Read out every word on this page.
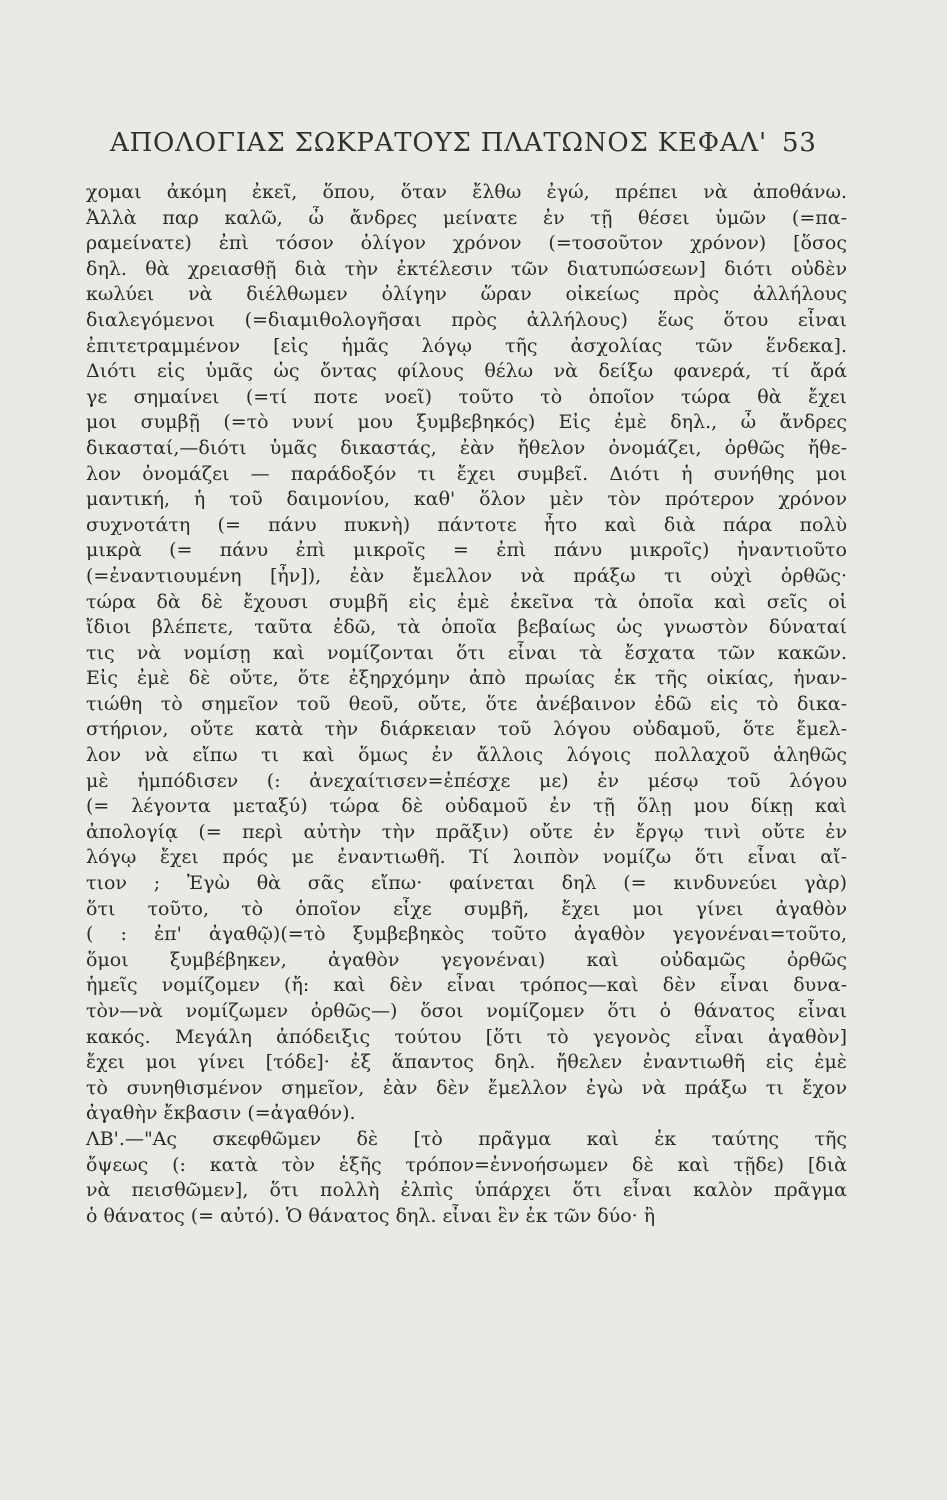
ΑΠΟΛΟΓΙΑΣ ΣΩΚΡΑΤΟΥΣ ΠΛΑΤΩΝΟΣ ΚΕΦΑΛ' 53
χομαι ἀκόμη ἐκεῖ, ὅπου, ὅταν ἔλθω ἐγώ, πρέπει νὰ ἀποθάνω.
Ἀλλὰ παρ καλῶ, ὦ ἄνδρες μείνατε ἐν τῇ θέσει ὑμῶν (=πα-
ραμείνατε) ἐπὶ τόσον ὀλίγον χρόνον (=τοσοῦτον χρόνον) [ὅσος
δηλ. θὰ χρειασθῇ διὰ τὴν ἐκτέλεσιν τῶν διατυπώσεων] διότι οὐδὲν
κωλύει νὰ διέλθωμεν ὀλίγην ὥραν οἰκείως πρὸς ἀλλήλους
διαλεγόμενοι (=διαμιθολογῆσαι πρὸς ἀλλήλους) ἕως ὅτου εἶναι
ἐπιτετραμμένον [εἰς ἡμᾶς λόγῳ τῆς ἀσχολίας τῶν ἕνδεκα].
Διότι εἰς ὑμᾶς ὡς ὄντας φίλους θέλω νὰ δείξω φανερά, τί ἄρά
γε σημαίνει (=τί ποτε νοεῖ) τοῦτο τὸ ὁποῖον τώρα θὰ ἔχει
μοι συμβῇ (=τὸ νυνί μου ξυμβεβηκός) Εἰς ἐμὲ δηλ., ὦ ἄνδρες
δικασταί,—διότι ὑμᾶς δικαστάς, ἐὰν ἤθελον ὀνομάζει, ὀρθῶς ἤθε-
λον ὀνομάζει — παράδοξόν τι ἔχει συμβεῖ. Διότι ἡ συνήθης μοι
μαντική, ἡ τοῦ δαιμονίου, καθ' ὅλον μὲν τὸν πρότερον χρόνον
συχνοτάτη (= πάνυ πυκνὴ) πάντοτε ἦτο καὶ διὰ πάρα πολὺ
μικρὰ (= πάνυ ἐπὶ μικροῖς = ἐπὶ πάνυ μικροῖς) ἠναντιοῦτο
(=ἐναντιουμένη [ἦν]), ἐὰν ἔμελλον νὰ πράξω τι οὐχὶ ὀρθῶς·
τώρα δὰ δὲ ἔχουσι συμβῆ εἰς ἐμὲ ἐκεῖνα τὰ ὁποῖα καὶ σεῖς οἱ
ἴδιοι βλέπετε, ταῦτα ἐδῶ, τὰ ὁποῖα βεβαίως ὡς γνωστὸν δύναταί
τις νὰ νομίσῃ καὶ νομίζονται ὅτι εἶναι τὰ ἔσχατα τῶν κακῶν.
Εἰς ἐμὲ δὲ οὔτε, ὅτε ἐξηρχόμην ἀπὸ πρωίας ἐκ τῆς οἰκίας, ἠναν-
τιώθη τὸ σημεῖον τοῦ θεοῦ, οὔτε, ὅτε ἀνέβαινον ἐδῶ εἰς τὸ δικα-
στήριον, οὔτε κατὰ τὴν διάρκειαν τοῦ λόγου οὐδαμοῦ, ὅτε ἔμελ-
λον νὰ εἴπω τι καὶ ὅμως ἐν ἄλλοις λόγοις πολλαχοῦ ἀληθῶς
μὲ ἠμπόδισεν (: ἀνεχαίτισεν=ἐπέσχε με) ἐν μέσῳ τοῦ λόγου
(= λέγοντα μεταξύ) τώρα δὲ οὐδαμοῦ ἐν τῇ ὅλῃ μου δίκῃ καὶ
ἀπολογίᾳ (= περὶ αὐτὴν τὴν πρᾶξιν) οὔτε ἐν ἔργῳ τινὶ οὔτε ἐν
λόγῳ ἔχει πρός με ἐναντιωθῆ. Τί λοιπὸν νομίζω ὅτι εἶναι αἴ-
τιον ; Ἐγὼ θὰ σᾶς εἴπω· φαίνεται δηλ (= κινδυνεύει γὰρ)
ὅτι τοῦτο, τὸ ὁποῖον εἶχε συμβῆ, ἔχει μοι γίνει ἀγαθὸν
( : ἐπ' ἀγαθῷ)(=τὸ ξυμβεβηκὸς τοῦτο ἀγαθὸν γεγονέναι=τοῦτο,
ὅμοι ξυμβέβηκεν, ἀγαθὸν γεγονέναι) καὶ οὐδαμῶς ὀρθῶς
ἡμεῖς νομίζομεν (ἤ: καὶ δὲν εἶναι τρόπος—καὶ δὲν εἶναι δυνα-
τὸν—νὰ νομίζωμεν ὀρθῶς—) ὅσοι νομίζομεν ὅτι ὁ θάνατος εἶναι
κακός. Μεγάλη ἀπόδειξις τούτου [ὅτι τὸ γεγονὸς εἶναι ἀγαθὸν]
ἔχει μοι γίνει [τόδε]· ἐξ ἅπαντος δηλ. ἤθελεν ἐναντιωθῆ εἰς ἐμὲ
τὸ συνηθισμένον σημεῖον, ἐὰν δὲν ἔμελλον ἐγὼ νὰ πράξω τι ἔχον
ἀγαθὴν ἔκβασιν (=ἀγαθόν).
ΛΒ'.—"Ας σκεφθῶμεν δὲ [τὸ πρᾶγμα καὶ ἐκ ταύτης τῆς
ὄψεως (: κατὰ τὸν ἑξῆς τρόπον=ἐννοήσωμεν δὲ καὶ τῇδε) [διὰ
νὰ πεισθῶμεν], ὅτι πολλὴ ἐλπὶς ὑπάρχει ὅτι εἶναι καλὸν πρᾶγμα
ὁ θάνατος (= αὐτό). Ὁ θάνατος δηλ. εἶναι ἓν ἐκ τῶν δύο· ἢ
